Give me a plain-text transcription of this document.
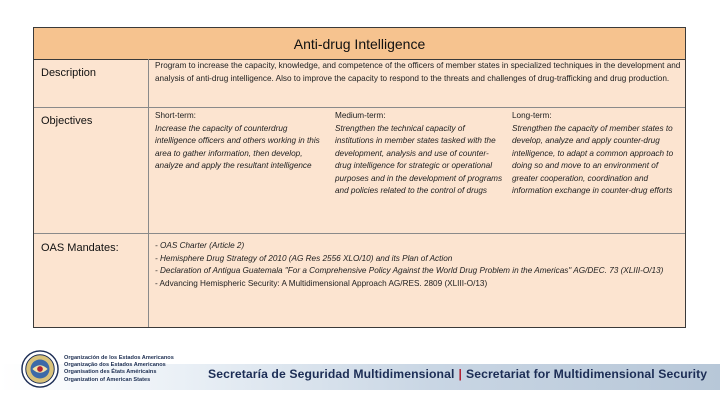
Anti-drug Intelligence
Description
Program to increase the capacity, knowledge, and competence of the officers of member states in specialized techniques in the development and analysis of anti-drug intelligence. Also to improve the capacity to respond to the threats and challenges of drug-trafficking and drug production.
Objectives	Short-term:
Increase the capacity of counterdrug intelligence officers and others working in this area to gather information, then develop, analyze and apply the resultant intelligence
Medium-term:
Strengthen the technical capacity of institutions in member states tasked with the development, analysis and use of counter-drug intelligence for strategic or operational purposes and in the development of programs and policies related to the control of drugs
Long-term:
Strengthen the capacity of member states to develop, analyze and apply counter-drug intelligence, to adapt a common approach to doing so and move to an environment of greater cooperation, coordination and information exchange in counter-drug efforts
OAS Mandates:	- OAS Charter (Article 2)
- Hemisphere Drug Strategy of 2010 (AG Res 2556 XLO/10) and its Plan of Action
- Declaration of Antigua Guatemala "For a Comprehensive Policy Against the World Drug Problem in the Americas" AG/DEC. 73 (XLIII-O/13)
- Advancing Hemispheric Security: A Multidimensional Approach AG/RES. 2809 (XLIII-O/13)
Organización de los Estados Americanos
Organização dos Estados Americanos
Organisation des États Américains
Organization of American States	Secretaría de Seguridad Multidimensional | Secretariat for Multidimensional Security
